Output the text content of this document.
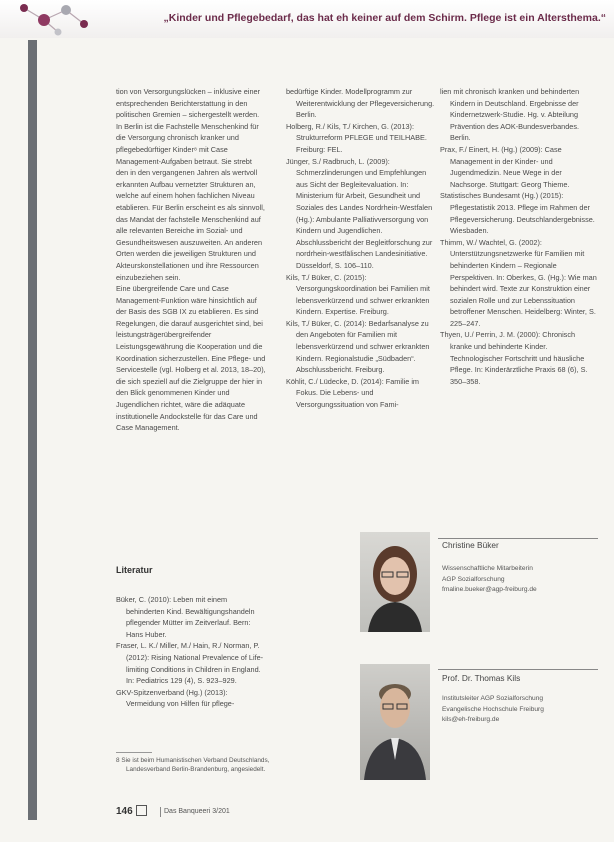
„Kinder und Pflegebedarf, das hat eh keiner auf dem Schirm. Pflege ist ein Altersthema.“

tion von Versorgungslücken – inklusive einer entsprechenden Berichterstattung in den politischen Gremien – sichergestellt werden.

In Berlin ist die Fachstelle Menschenkind für die Versorgung chronisch kranker und pflegebedürftiger Kinder⁸ mit Case Management-Aufgaben betraut. Sie strebt den in den vergangenen Jahren als wertvoll erkannten Aufbau vernetzter Strukturen an, welche auf einem hohen fachlichen Niveau etablieren. Für Berlin erscheint es als sinnvoll, das Mandat der fachstelle Menschenkind auf alle relevanten Bereiche im Sozial- und Gesundheitswesen auszuweiten. An anderen Orten werden die jeweiligen Strukturen und Akteurskonstellationen und ihre Ressourcen einzubeziehen sein.

Eine übergreifende Care und Case Management-Funktion wäre hinsichtlich auf der Basis des SGB IX zu etablieren. Es sind Regelungen, die darauf ausgerichtet sind, bei leistungsträgerübergreifender Leistungsgewährung die Kooperation und die Koordination sicherzustellen. Eine Pflege- und Servicestelle (vgl. Holberg et al. 2013, 18–20), die sich speziell auf die Zielgruppe der hier in den Blick genommenen Kinder und Jugendlichen richtet, wäre die adäquate institutionelle Andockstelle für das Care und Case Management.

Literatur

Büker, C. (2010): Leben mit einem behinderten Kind. Bewältigungshandeln pflegender Mütter im Zeitverlauf. Bern: Hans Huber.

Fraser, L. K./ Miller, M./ Hain, R./ Norman, P. (2012): Rising National Prevalence of Life-limiting Conditions in Children in England. In: Pediatrics 129 (4), S. 923–929.

GKV-Spitzenverband (Hg.) (2013): Vermeidung von Hilfen für pflege-

8 Sie ist beim Humanistischen Verband Deutschlands, Landesverband Berlin-Brandenburg, angesiedelt.

bedürftige Kinder. Modellprogramm zur Weiterentwicklung der Pflegeversicherung. Berlin.

Holberg, R./ Kils, T./ Kirchen, G. (2013): Strukturreform PFLEGE und TEILHABE. Freiburg: FEL.

Jünger, S./ Radbruch, L. (2009): Schmerzlinderungen und Empfehlungen aus Sicht der Begleitevaluation. In: Ministerium für Arbeit, Gesundheit und Soziales des Landes Nordrhein-Westfalen (Hg.): Ambulante Palliativversorgung von Kindern und Jugendlichen. Abschlussbericht der Begleitforschung zur nordrhein-westfälischen Landesinitiative. Düsseldorf, S. 106–110.

Kils, T./ Büker, C. (2015): Versorgungskoordination bei Familien mit lebensverkürzend und schwer erkrankten Kindern. Expertise. Freiburg.

Kils, T./ Büker, C. (2014): Bedarfsanalyse zu den Angeboten für Familien mit lebensverkürzend und schwer erkrankten Kindern. Regionalstudie „Südbaden“. Abschlussbericht. Freiburg.

Köhlit, C./ Lüdecke, D. (2014): Familie im Fokus. Die Lebens- und Versorgungssituation von Fami-

lien mit chronisch kranken und behinderten Kindern in Deutschland. Ergebnisse der Kindernetzwerk-Studie. Hg. v. Abteilung Prävention des AOK-Bundesverbandes. Berlin.

Prax, F./ Einert, H. (Hg.) (2009): Case Management in der Kinder- und Jugendmedizin. Neue Wege in der Nachsorge. Stuttgart: Georg Thieme.

Statistisches Bundesamt (Hg.) (2015): Pflegestatistik 2013. Pflege im Rahmen der Pflegeversicherung. Deutschlandergebnisse. Wiesbaden.

Thimm, W./ Wachtel, G. (2002): Unterstützungsnetzwerke für Familien mit behinderten Kindern – Regionale Perspektiven. In: Oberkes, G. (Hg.): Wie man behindert wird. Texte zur Konstruktion einer sozialen Rolle und zur Lebenssituation betroffener Menschen. Heidelberg: Winter, S. 225–247.

Thyen, U./ Perrin, J. M. (2000): Chronisch kranke und behinderte Kinder. Technologischer Fortschritt und häusliche Pflege. In: Kinderärztliche Praxis 68 (6), S. 350–358.

Christine Büker
Wissenschaftliche Mitarbeiterin
AGP Sozialforschung
fmaline.bueker@agp-freiburg.de
Prof. Dr. Thomas Kils
Institutsleiter AGP Sozialforschung
Evangelische Hochschule Freiburg
kils@eh-freiburg.de
146	Das Banqueeri 3/201
